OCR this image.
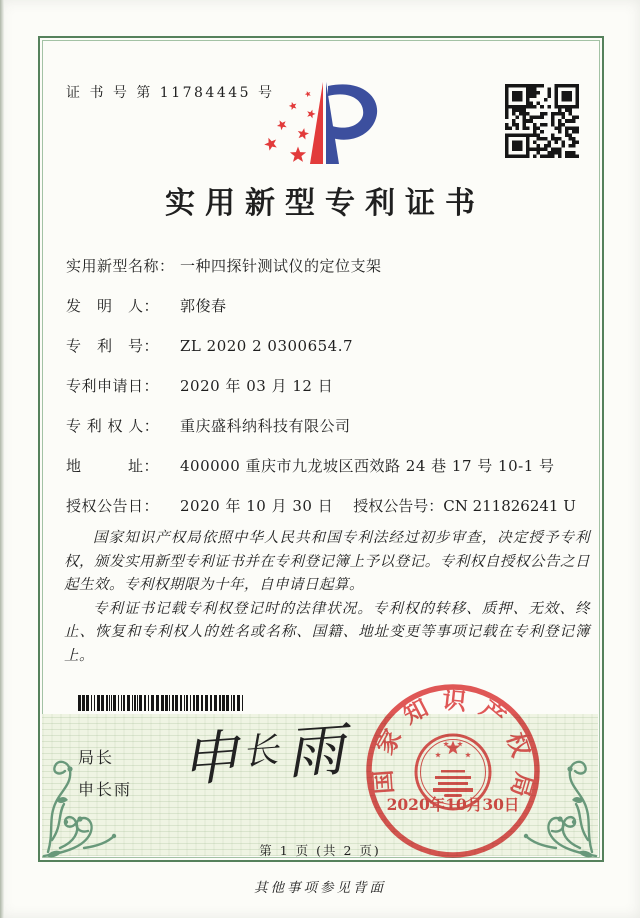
证 书 号 第 11784445 号
实用新型专利证书
实用新型名称： 一种四探针测试仪的定位支架
发　明　人：	郭俊春
专　利　号：	ZL 2020 2 0300654.7
专利申请日：	2020 年 03 月 12 日
专 利 权 人：	重庆盛科纳科技有限公司
地　　　址：	400000 重庆市九龙坡区西效路 24 巷 17 号 10-1 号
授权公告日：	2020 年 10 月 30 日 授权公告号：CN 211826241 U

国家知识产权局依照中华人民共和国专利法经过初步审查，决定授予专利权，颁发实用新型专利证书并在专利登记簿上予以登记。专利权自授权公告之日起生效。专利权期限为十年，自申请日起算。

专利证书记载专利权登记时的法律状况。专利权的转移、质押、无效、终止、恢复和专利权人的姓名或名称、国籍、地址变更等事项记载在专利登记簿上。

局长
申长雨 申长雨 国家知识产权局
2020年10月30日
第 1 页 (共 2 页)
其他事项参见背面
